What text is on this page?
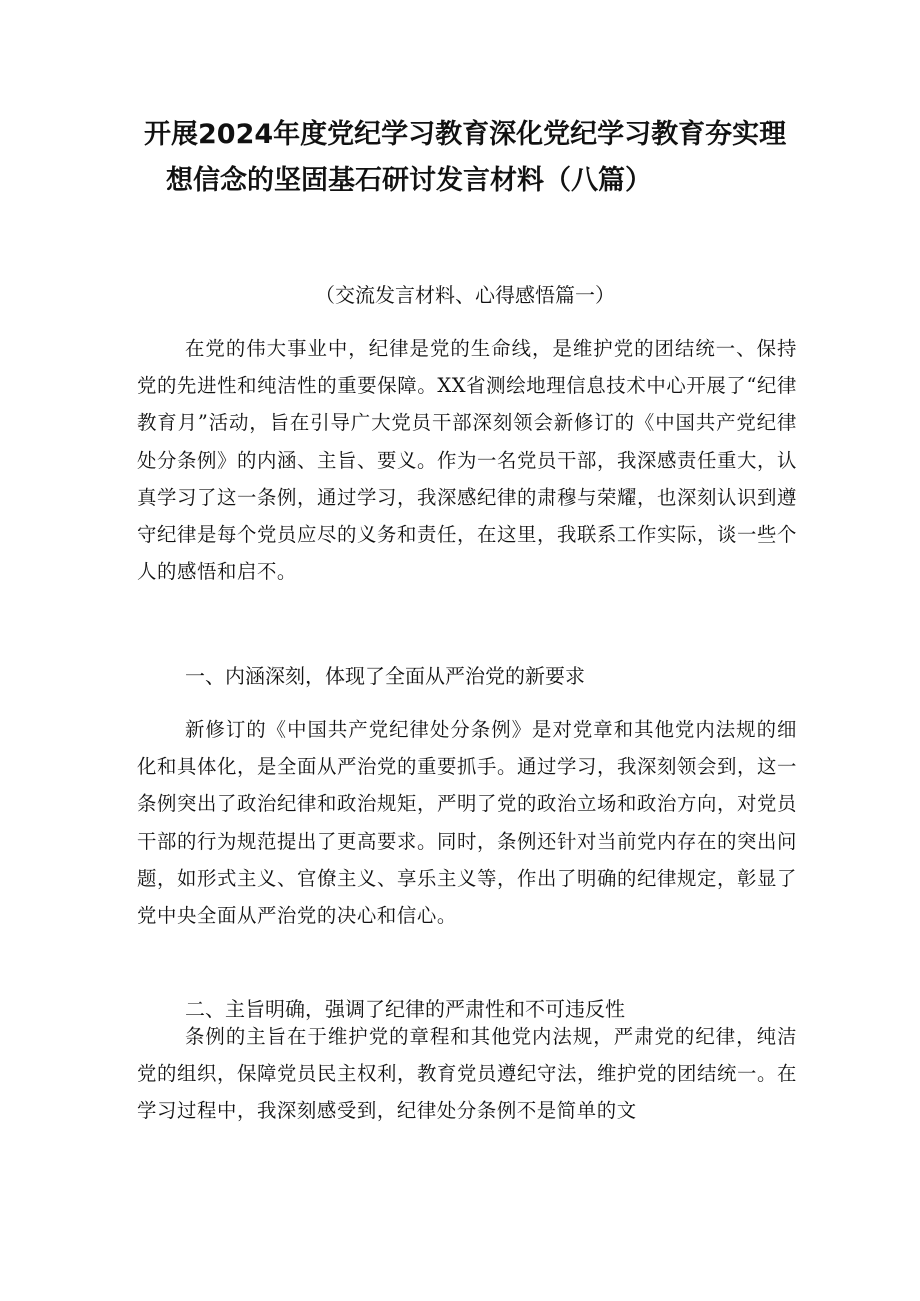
开展2024年度党纪学习教育深化党纪学习教育夯实理
想信念的坚固基石研讨发言材料（八篇）

（交流发言材料、心得感悟篇一）

在党的伟大事业中，纪律是党的生命线，是维护党的团结统一、保持党的先进性和纯洁性的重要保障。XX省测绘地理信息技术中心开展了“纪律教育月”活动，旨在引导广大党员干部深刻领会新修订的《中国共产党纪律处分条例》的内涵、主旨、要义。作为一名党员干部，我深感责任重大，认真学习了这一条例，通过学习，我深感纪律的肃穆与荣耀，也深刻认识到遵守纪律是每个党员应尽的义务和责任，在这里，我联系工作实际，谈一些个人的感悟和启不。

一、内涵深刻，体现了全面从严治党的新要求

新修订的《中国共产党纪律处分条例》是对党章和其他党内法规的细化和具体化，是全面从严治党的重要抓手。通过学习，我深刻领会到，这一条例突出了政治纪律和政治规矩，严明了党的政治立场和政治方向，对党员干部的行为规范提出了更高要求。同时，条例还针对当前党内存在的突出问题，如形式主义、官僚主义、享乐主义等，作出了明确的纪律规定，彰显了党中央全面从严治党的决心和信心。

二、主旨明确，强调了纪律的严肃性和不可违反性

条例的主旨在于维护党的章程和其他党内法规，严肃党的纪律，纯洁党的组织，保障党员民主权利，教育党员遵纪守法，维护党的团结统一。在学习过程中，我深刻感受到，纪律处分条例不是简单的文
